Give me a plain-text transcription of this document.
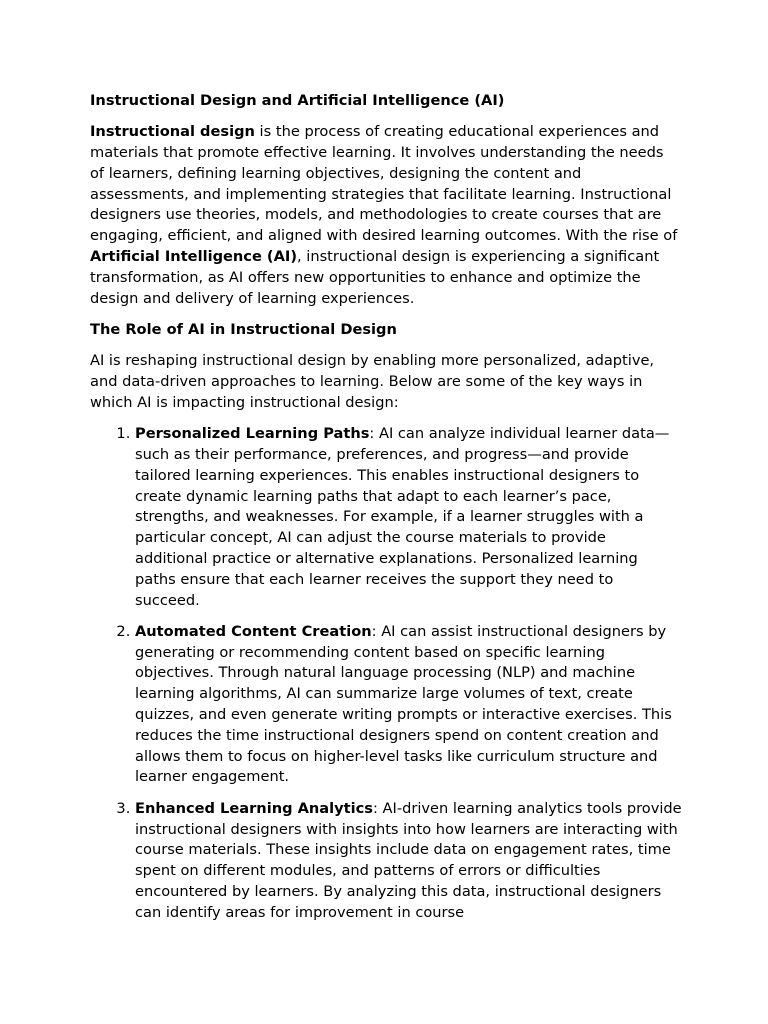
Instructional Design and Artificial Intelligence (AI)

Instructional design is the process of creating educational experiences and materials that promote effective learning. It involves understanding the needs of learners, defining learning objectives, designing the content and assessments, and implementing strategies that facilitate learning. Instructional designers use theories, models, and methodologies to create courses that are engaging, efficient, and aligned with desired learning outcomes. With the rise of Artificial Intelligence (AI), instructional design is experiencing a significant transformation, as AI offers new opportunities to enhance and optimize the design and delivery of learning experiences.

The Role of AI in Instructional Design

AI is reshaping instructional design by enabling more personalized, adaptive, and data-driven approaches to learning. Below are some of the key ways in which AI is impacting instructional design:

1. Personalized Learning Paths: AI can analyze individual learner data—such as their performance, preferences, and progress—and provide tailored learning experiences. This enables instructional designers to create dynamic learning paths that adapt to each learner’s pace, strengths, and weaknesses. For example, if a learner struggles with a particular concept, AI can adjust the course materials to provide additional practice or alternative explanations. Personalized learning paths ensure that each learner receives the support they need to succeed.
2. Automated Content Creation: AI can assist instructional designers by generating or recommending content based on specific learning objectives. Through natural language processing (NLP) and machine learning algorithms, AI can summarize large volumes of text, create quizzes, and even generate writing prompts or interactive exercises. This reduces the time instructional designers spend on content creation and allows them to focus on higher-level tasks like curriculum structure and learner engagement.
3. Enhanced Learning Analytics: AI-driven learning analytics tools provide instructional designers with insights into how learners are interacting with course materials. These insights include data on engagement rates, time spent on different modules, and patterns of errors or difficulties encountered by learners. By analyzing this data, instructional designers can identify areas for improvement in course
